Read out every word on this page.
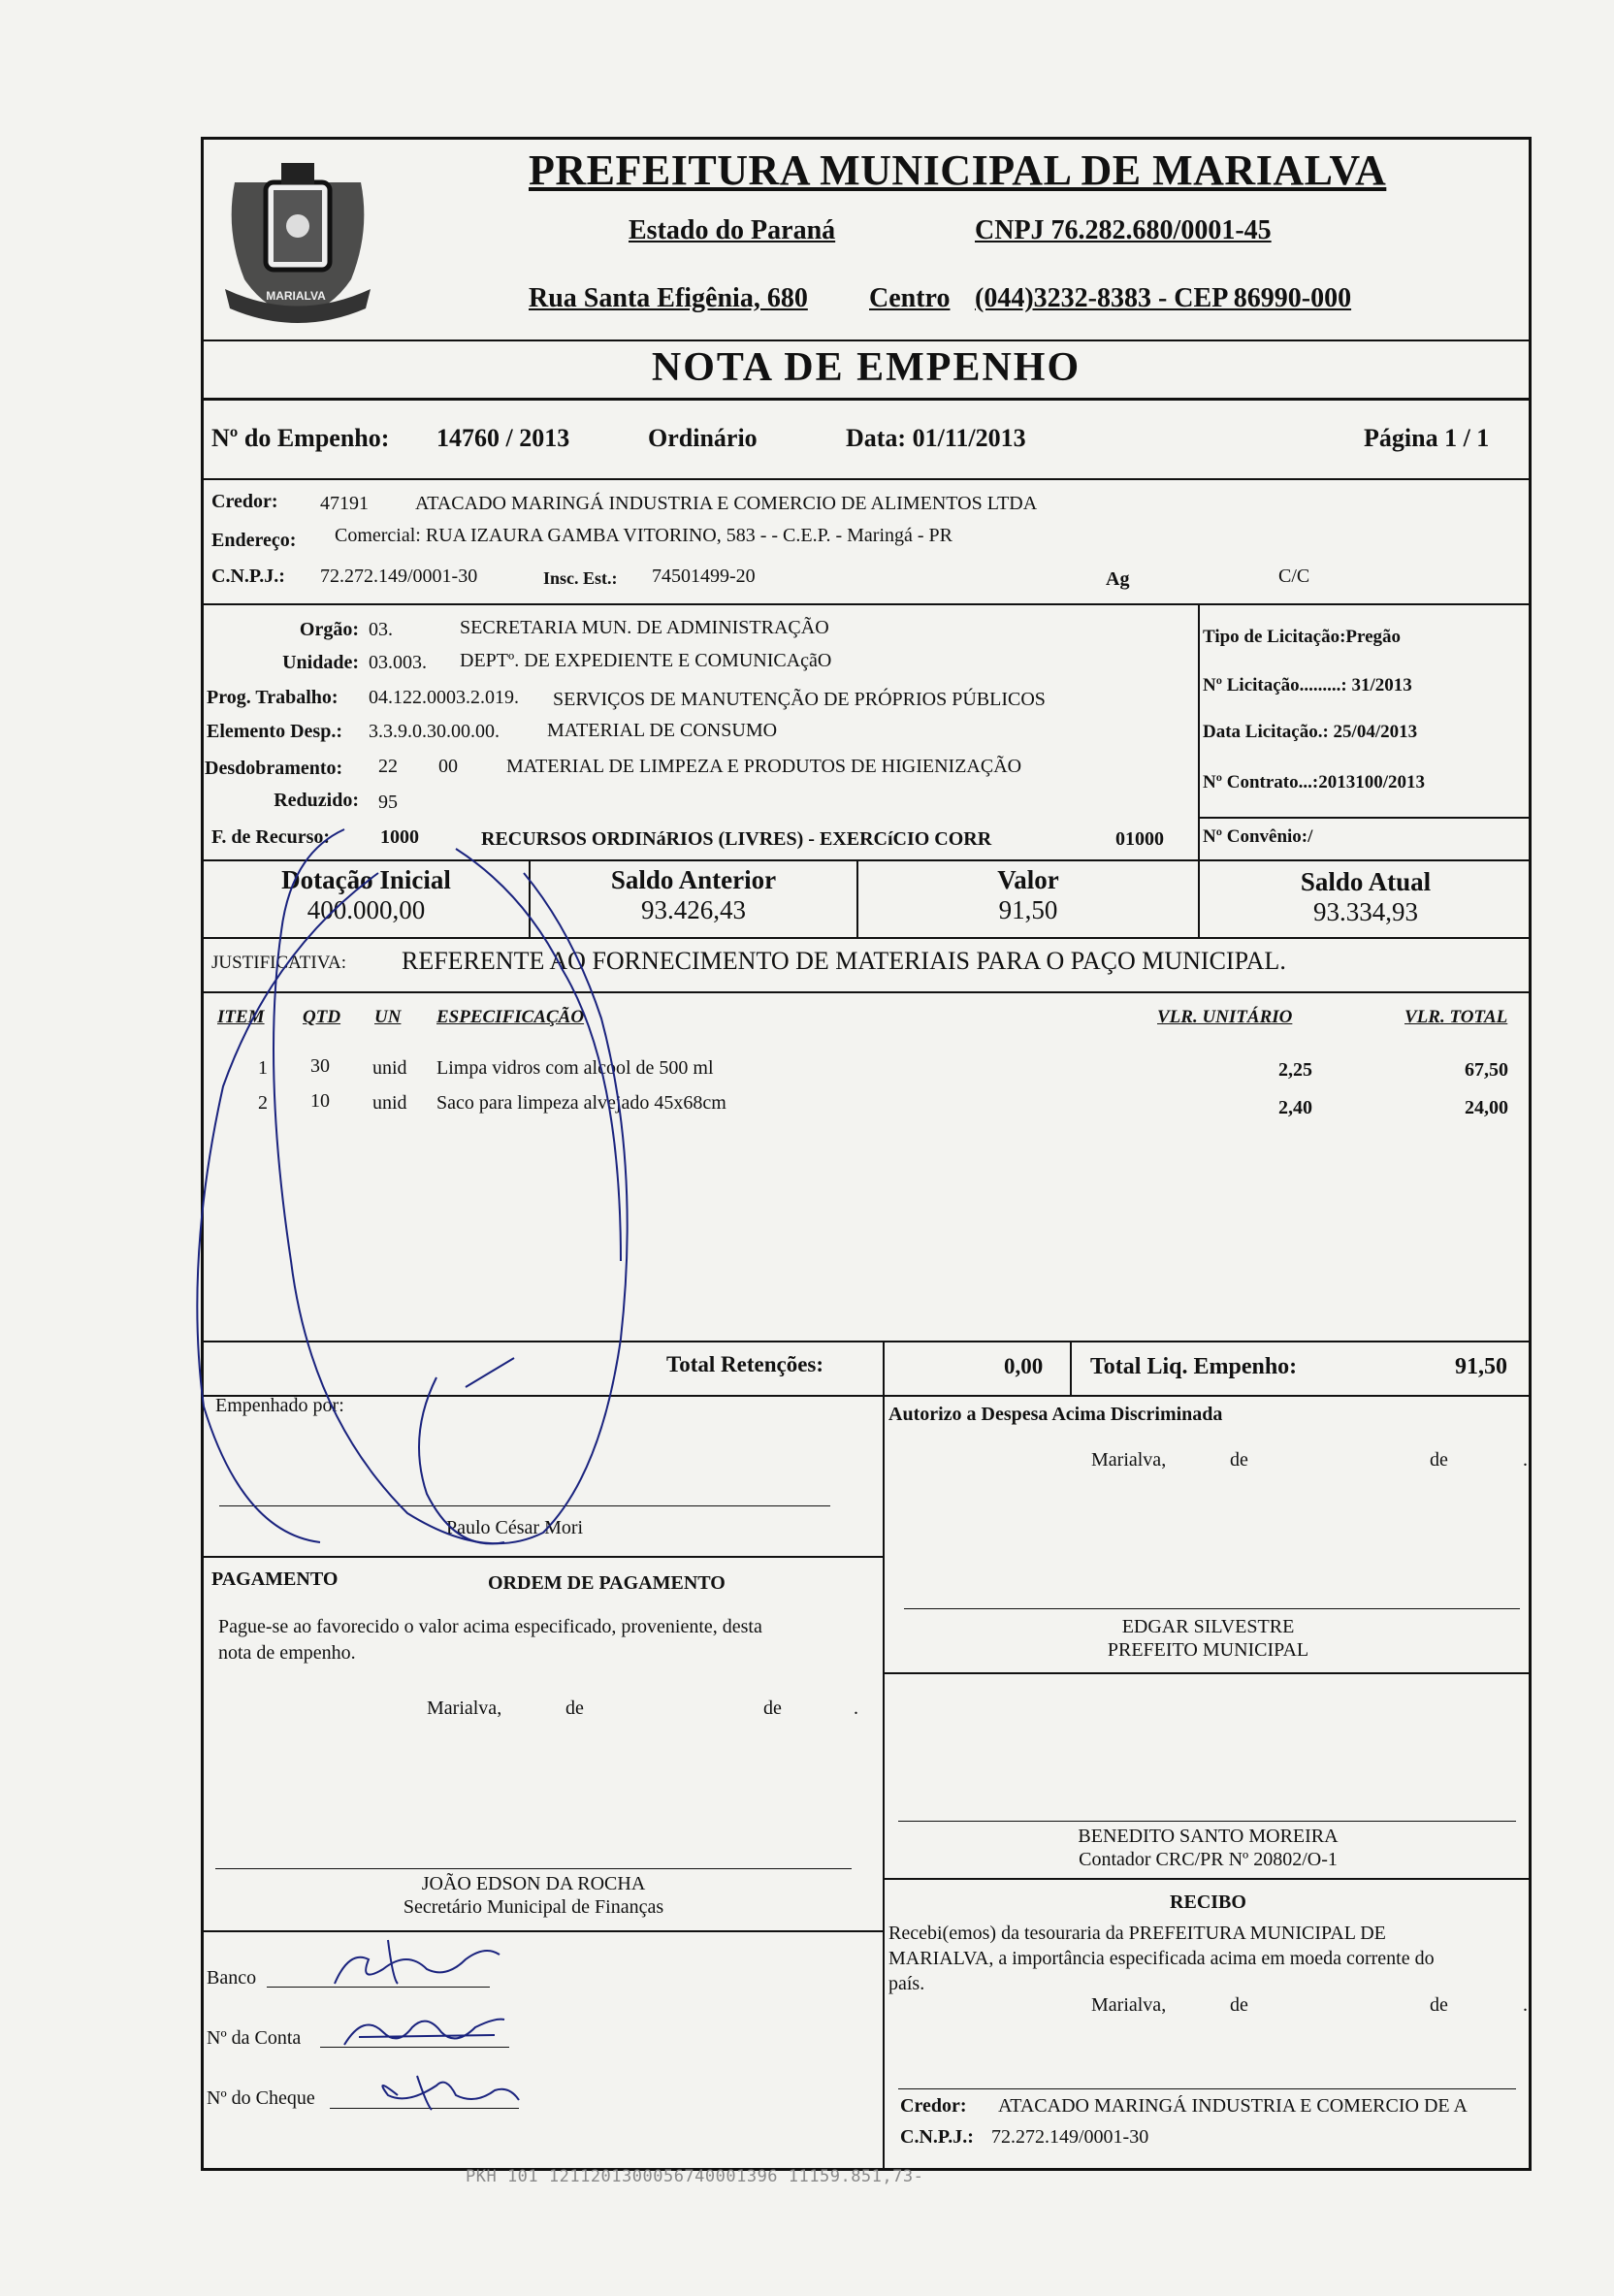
MARIALVA
PREFEITURA MUNICIPAL DE MARIALVA
Estado do Paraná	CNPJ 76.282.680/0001-45
Rua Santa Efigênia, 680 Centro (044)3232-8383 - CEP 86990-000
NOTA DE EMPENHO
Nº do Empenho: 14760 / 2013	Ordinário	Data: 01/11/2013	Página 1 / 1
Credor: 47191 ATACADO MARINGÁ INDUSTRIA E COMERCIO DE ALIMENTOS LTDA
Endereço: Comercial: RUA IZAURA GAMBA VITORINO, 583 - - C.E.P. - Maringá - PR
C.N.P.J.: 72.272.149/0001-30	Insc. Est.: 74501499-20	Ag	C/C
Orgão: 03.	SECRETARIA MUN. DE ADMINISTRAÇÃO
Unidade: 03.003. DEPTº. DE EXPEDIENTE E COMUNICAçãO
Prog. Trabalho: 04.122.0003.2.019. SERVIÇOS DE MANUTENÇÃO DE PRÓPRIOS PÚBLICOS
Elemento Desp.: 3.3.9.0.30.00.00. MATERIAL DE CONSUMO
Desdobramento: 22 00	MATERIAL DE LIMPEZA E PRODUTOS DE HIGIENIZAÇÃO
Reduzido: 95
F. de Recurso:	1000	RECURSOS ORDINáRIOS (LIVRES) - EXERCíCIO CORR	01000
Tipo de Licitação:Pregão
Nº Licitação.........: 31/2013
Data Licitação.: 25/04/2013
Nº Contrato...:2013100/2013
Nº Convênio:/
Dotação Inicial
400.000,00
Saldo Anterior
93.426,43
Valor
91,50
Saldo Atual
93.334,93
JUSTIFICATIVA: REFERENTE AO FORNECIMENTO DE MATERIAIS PARA O PAÇO MUNICIPAL.
ITEM QTD UN ESPECIFICAÇÃO	VLR. UNITÁRIO	VLR. TOTAL
1 30 unid Limpa vidros com alcool de 500 ml	2,25	67,50
2 10 unid Saco para limpeza alvejado 45x68cm	2,40	24,00
Total Retenções:	0,00 Total Liq. Empenho:	91,50
Empenhado por:
Paulo César Mori
Autorizo a Despesa Acima Discriminada
Marialva,	de	de	.
EDGAR SILVESTRE
PREFEITO MUNICIPAL
PAGAMENTO	ORDEM DE PAGAMENTO
Pague-se ao favorecido o valor acima especificado, proveniente, desta
nota de empenho.
Marialva,	de	de	.
BENEDITO SANTO MOREIRA
Contador CRC/PR Nº 20802/O-1
JOÃO EDSON DA ROCHA
Secretário Municipal de Finanças	RECIBO
Recebi(emos) da tesouraria da PREFEITURA MUNICIPAL DE
MARIALVA, a importância especificada acima em moeda corrente do
país.
Marialva,	de	de	.
Banco
Nº da Conta
Nº do Cheque	Credor: ATACADO MARINGÁ INDUSTRIA E COMERCIO DE A
C.N.P.J.: 72.272.149/0001-30
PKH 101 1211201300056740001396 11159.851,73-
